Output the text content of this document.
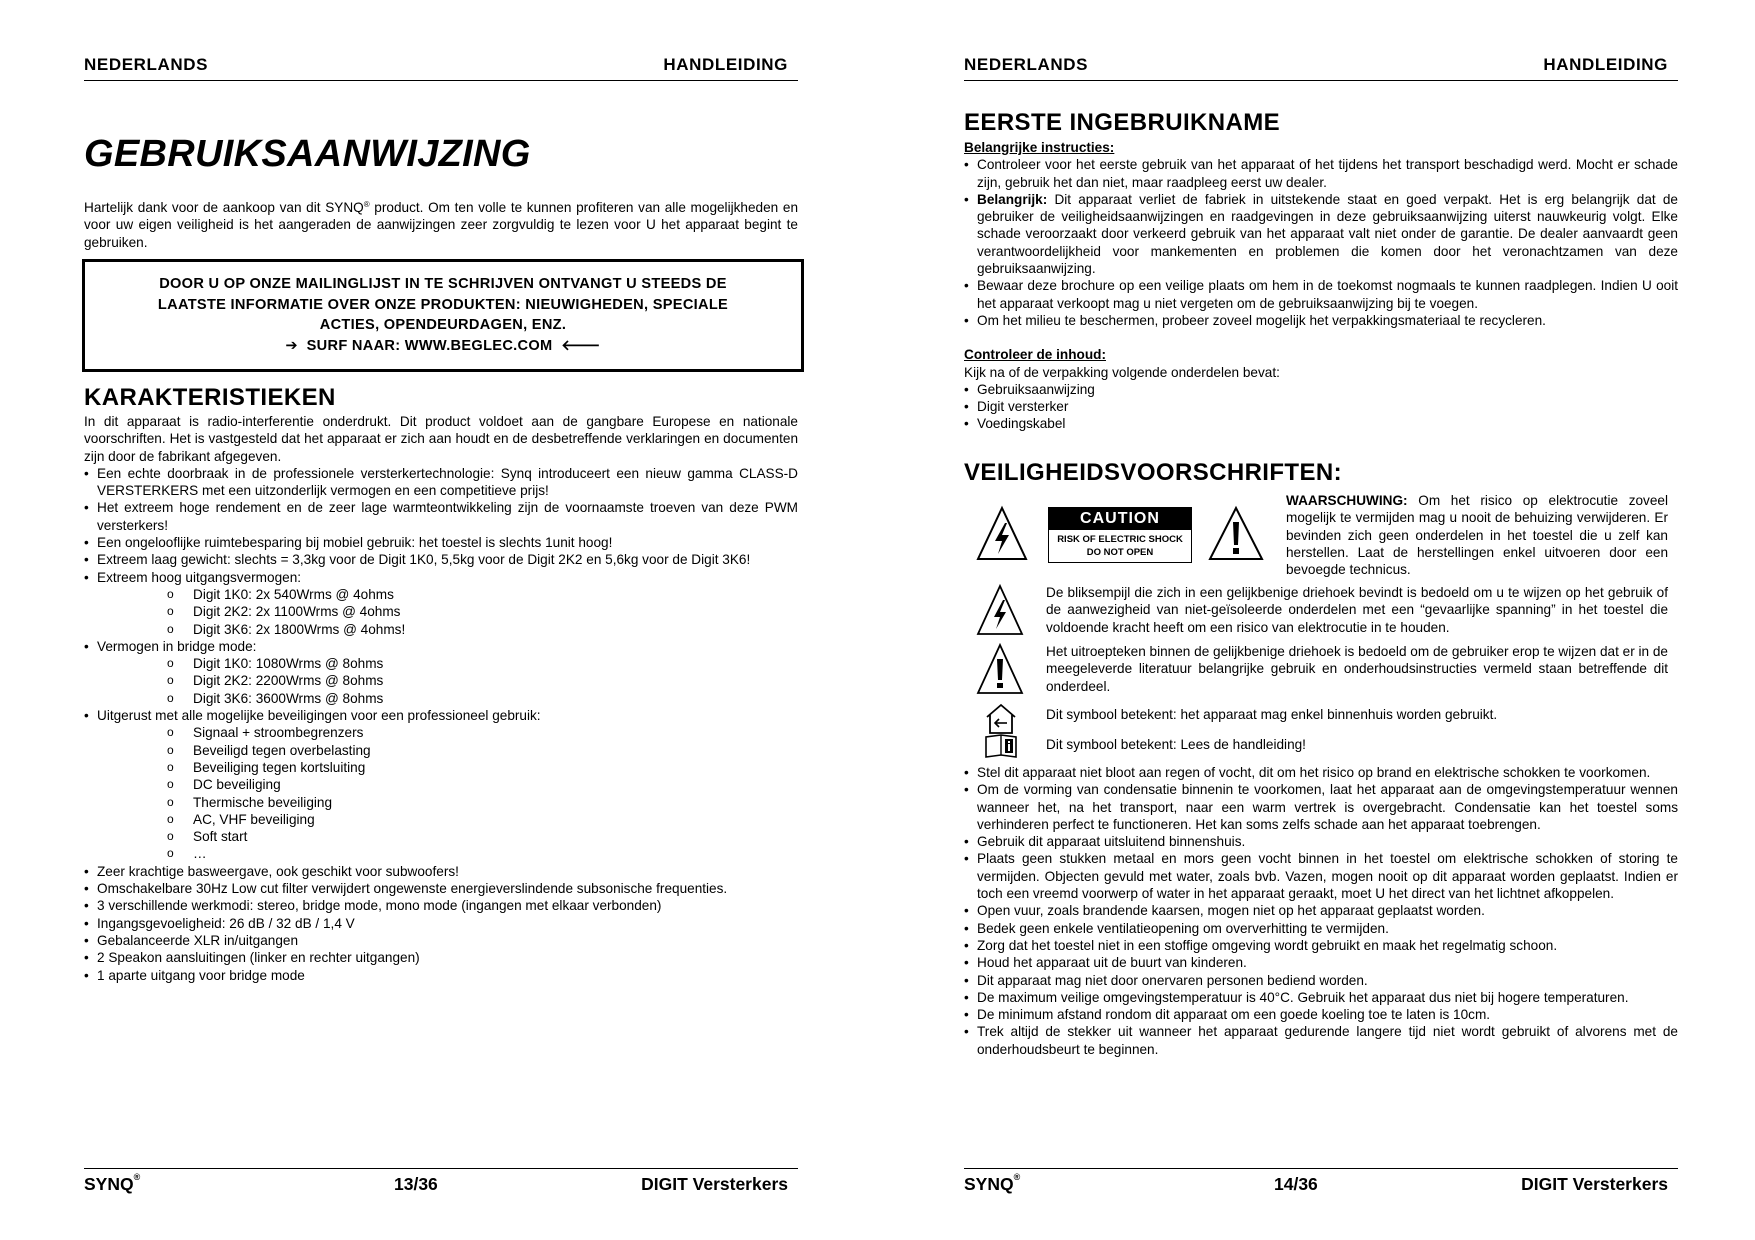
NEDERLANDS	HANDLEIDING
GEBRUIKSAANWIJZING

Hartelijk dank voor de aankoop van dit SYNQ® product. Om ten volle te kunnen profiteren van alle mogelijkheden en voor uw eigen veiligheid is het aangeraden de aanwijzingen zeer zorgvuldig te lezen voor U het apparaat begint te gebruiken.

DOOR U OP ONZE MAILINGLIJST IN TE SCHRIJVEN ONTVANGT U STEEDS DE
LAATSTE INFORMATIE OVER ONZE PRODUKTEN: NIEUWIGHEDEN, SPECIALE
ACTIES, OPENDEURDAGEN, ENZ.
➔ SURF NAAR: WWW.BEGLEC.COM 🡐
KARAKTERISTIEKEN

In dit apparaat is radio-interferentie onderdrukt. Dit product voldoet aan de gangbare Europese en nationale voorschriften. Het is vastgesteld dat het apparaat er zich aan houdt en de desbetreffende verklaringen en documenten zijn door de fabrikant afgegeven.

• Een echte doorbraak in de professionele versterkertechnologie: Synq introduceert een nieuw gamma CLASS-D VERSTERKERS met een uitzonderlijk vermogen en een competitieve prijs!
• Het extreem hoge rendement en de zeer lage warmteontwikkeling zijn de voornaamste troeven van deze PWM versterkers!
• Een ongelooflijke ruimtebesparing bij mobiel gebruik: het toestel is slechts 1unit hoog!
• Extreem laag gewicht: slechts = 3,3kg voor de Digit 1K0, 5,5kg voor de Digit 2K2 en 5,6kg voor de Digit 3K6!
• Extreem hoog uitgangsvermogen:
o Digit 1K0: 2x 540Wrms @ 4ohms
o Digit 2K2: 2x 1100Wrms @ 4ohms
o Digit 3K6: 2x 1800Wrms @ 4ohms!
• Vermogen in bridge mode:
o Digit 1K0: 1080Wrms @ 8ohms
o Digit 2K2: 2200Wrms @ 8ohms
o Digit 3K6: 3600Wrms @ 8ohms
• Uitgerust met alle mogelijke beveiligingen voor een professioneel gebruik:
o Signaal + stroombegrenzers
o Beveiligd tegen overbelasting
o Beveiliging tegen kortsluiting
o DC beveiliging
o Thermische beveiliging
o AC, VHF beveiliging
o Soft start
o …
• Zeer krachtige basweergave, ook geschikt voor subwoofers!
• Omschakelbare 30Hz Low cut filter verwijdert ongewenste energieverslindende subsonische frequenties.
• 3 verschillende werkmodi: stereo, bridge mode, mono mode (ingangen met elkaar verbonden)
• Ingangsgevoeligheid: 26 dB / 32 dB / 1,4 V
• Gebalanceerde XLR in/uitgangen
• 2 Speakon aansluitingen (linker en rechter uitgangen)
• 1 aparte uitgang voor bridge mode
SYNQ®	13/36	DIGIT Versterkers
NEDERLANDS	HANDLEIDING
EERSTE INGEBRUIKNAME
Belangrijke instructies:
• Controleer voor het eerste gebruik van het apparaat of het tijdens het transport beschadigd werd. Mocht er schade zijn, gebruik het dan niet, maar raadpleeg eerst uw dealer.
• Belangrijk: Dit apparaat verliet de fabriek in uitstekende staat en goed verpakt. Het is erg belangrijk dat de gebruiker de veiligheidsaanwijzingen en raadgevingen in deze gebruiksaanwijzing uiterst nauwkeurig volgt. Elke schade veroorzaakt door verkeerd gebruik van het apparaat valt niet onder de garantie. De dealer aanvaardt geen verantwoordelijkheid voor mankementen en problemen die komen door het veronachtzamen van deze gebruiksaanwijzing.
• Bewaar deze brochure op een veilige plaats om hem in de toekomst nogmaals te kunnen raadplegen. Indien U ooit het apparaat verkoopt mag u niet vergeten om de gebruiksaanwijzing bij te voegen.
• Om het milieu te beschermen, probeer zoveel mogelijk het verpakkingsmateriaal te recycleren.
Controleer de inhoud:

Kijk na of de verpakking volgende onderdelen bevat:

• Gebruiksaanwijzing
• Digit versterker
• Voedingskabel
VEILIGHEIDSVOORSCHRIFTEN:
CAUTION
RISK OF ELECTRIC SHOCK
DO NOT OPEN

WAARSCHUWING: Om het risico op elektrocutie zoveel mogelijk te vermijden mag u nooit de behuizing verwijderen. Er bevinden zich geen onderdelen in het toestel die u zelf kan herstellen. Laat de herstellingen enkel uitvoeren door een bevoegde technicus.

De bliksempijl die zich in een gelijkbenige driehoek bevindt is bedoeld om u te wijzen op het gebruik of de aanwezigheid van niet-geïsoleerde onderdelen met een “gevaarlijke spanning” in het toestel die voldoende kracht heeft om een risico van elektrocutie in te houden.

Het uitroepteken binnen de gelijkbenige driehoek is bedoeld om de gebruiker erop te wijzen dat er in de meegeleverde literatuur belangrijke gebruik en onderhoudsinstructies vermeld staan betreffende dit onderdeel.

Dit symbool betekent: het apparaat mag enkel binnenhuis worden gebruikt.

Dit symbool betekent: Lees de handleiding!

• Stel dit apparaat niet bloot aan regen of vocht, dit om het risico op brand en elektrische schokken te voorkomen.
• Om de vorming van condensatie binnenin te voorkomen, laat het apparaat aan de omgevingstemperatuur wennen wanneer het, na het transport, naar een warm vertrek is overgebracht. Condensatie kan het toestel soms verhinderen perfect te functioneren. Het kan soms zelfs schade aan het apparaat toebrengen.
• Gebruik dit apparaat uitsluitend binnenshuis.
• Plaats geen stukken metaal en mors geen vocht binnen in het toestel om elektrische schokken of storing te vermijden. Objecten gevuld met water, zoals bvb. Vazen, mogen nooit op dit apparaat worden geplaatst. Indien er toch een vreemd voorwerp of water in het apparaat geraakt, moet U het direct van het lichtnet afkoppelen.
• Open vuur, zoals brandende kaarsen, mogen niet op het apparaat geplaatst worden.
• Bedek geen enkele ventilatieopening om oververhitting te vermijden.
• Zorg dat het toestel niet in een stoffige omgeving wordt gebruikt en maak het regelmatig schoon.
• Houd het apparaat uit de buurt van kinderen.
• Dit apparaat mag niet door onervaren personen bediend worden.
• De maximum veilige omgevingstemperatuur is 40°C. Gebruik het apparaat dus niet bij hogere temperaturen.
• De minimum afstand rondom dit apparaat om een goede koeling toe te laten is 10cm.
• Trek altijd de stekker uit wanneer het apparaat gedurende langere tijd niet wordt gebruikt of alvorens met de onderhoudsbeurt te beginnen.
SYNQ®	14/36	DIGIT Versterkers
